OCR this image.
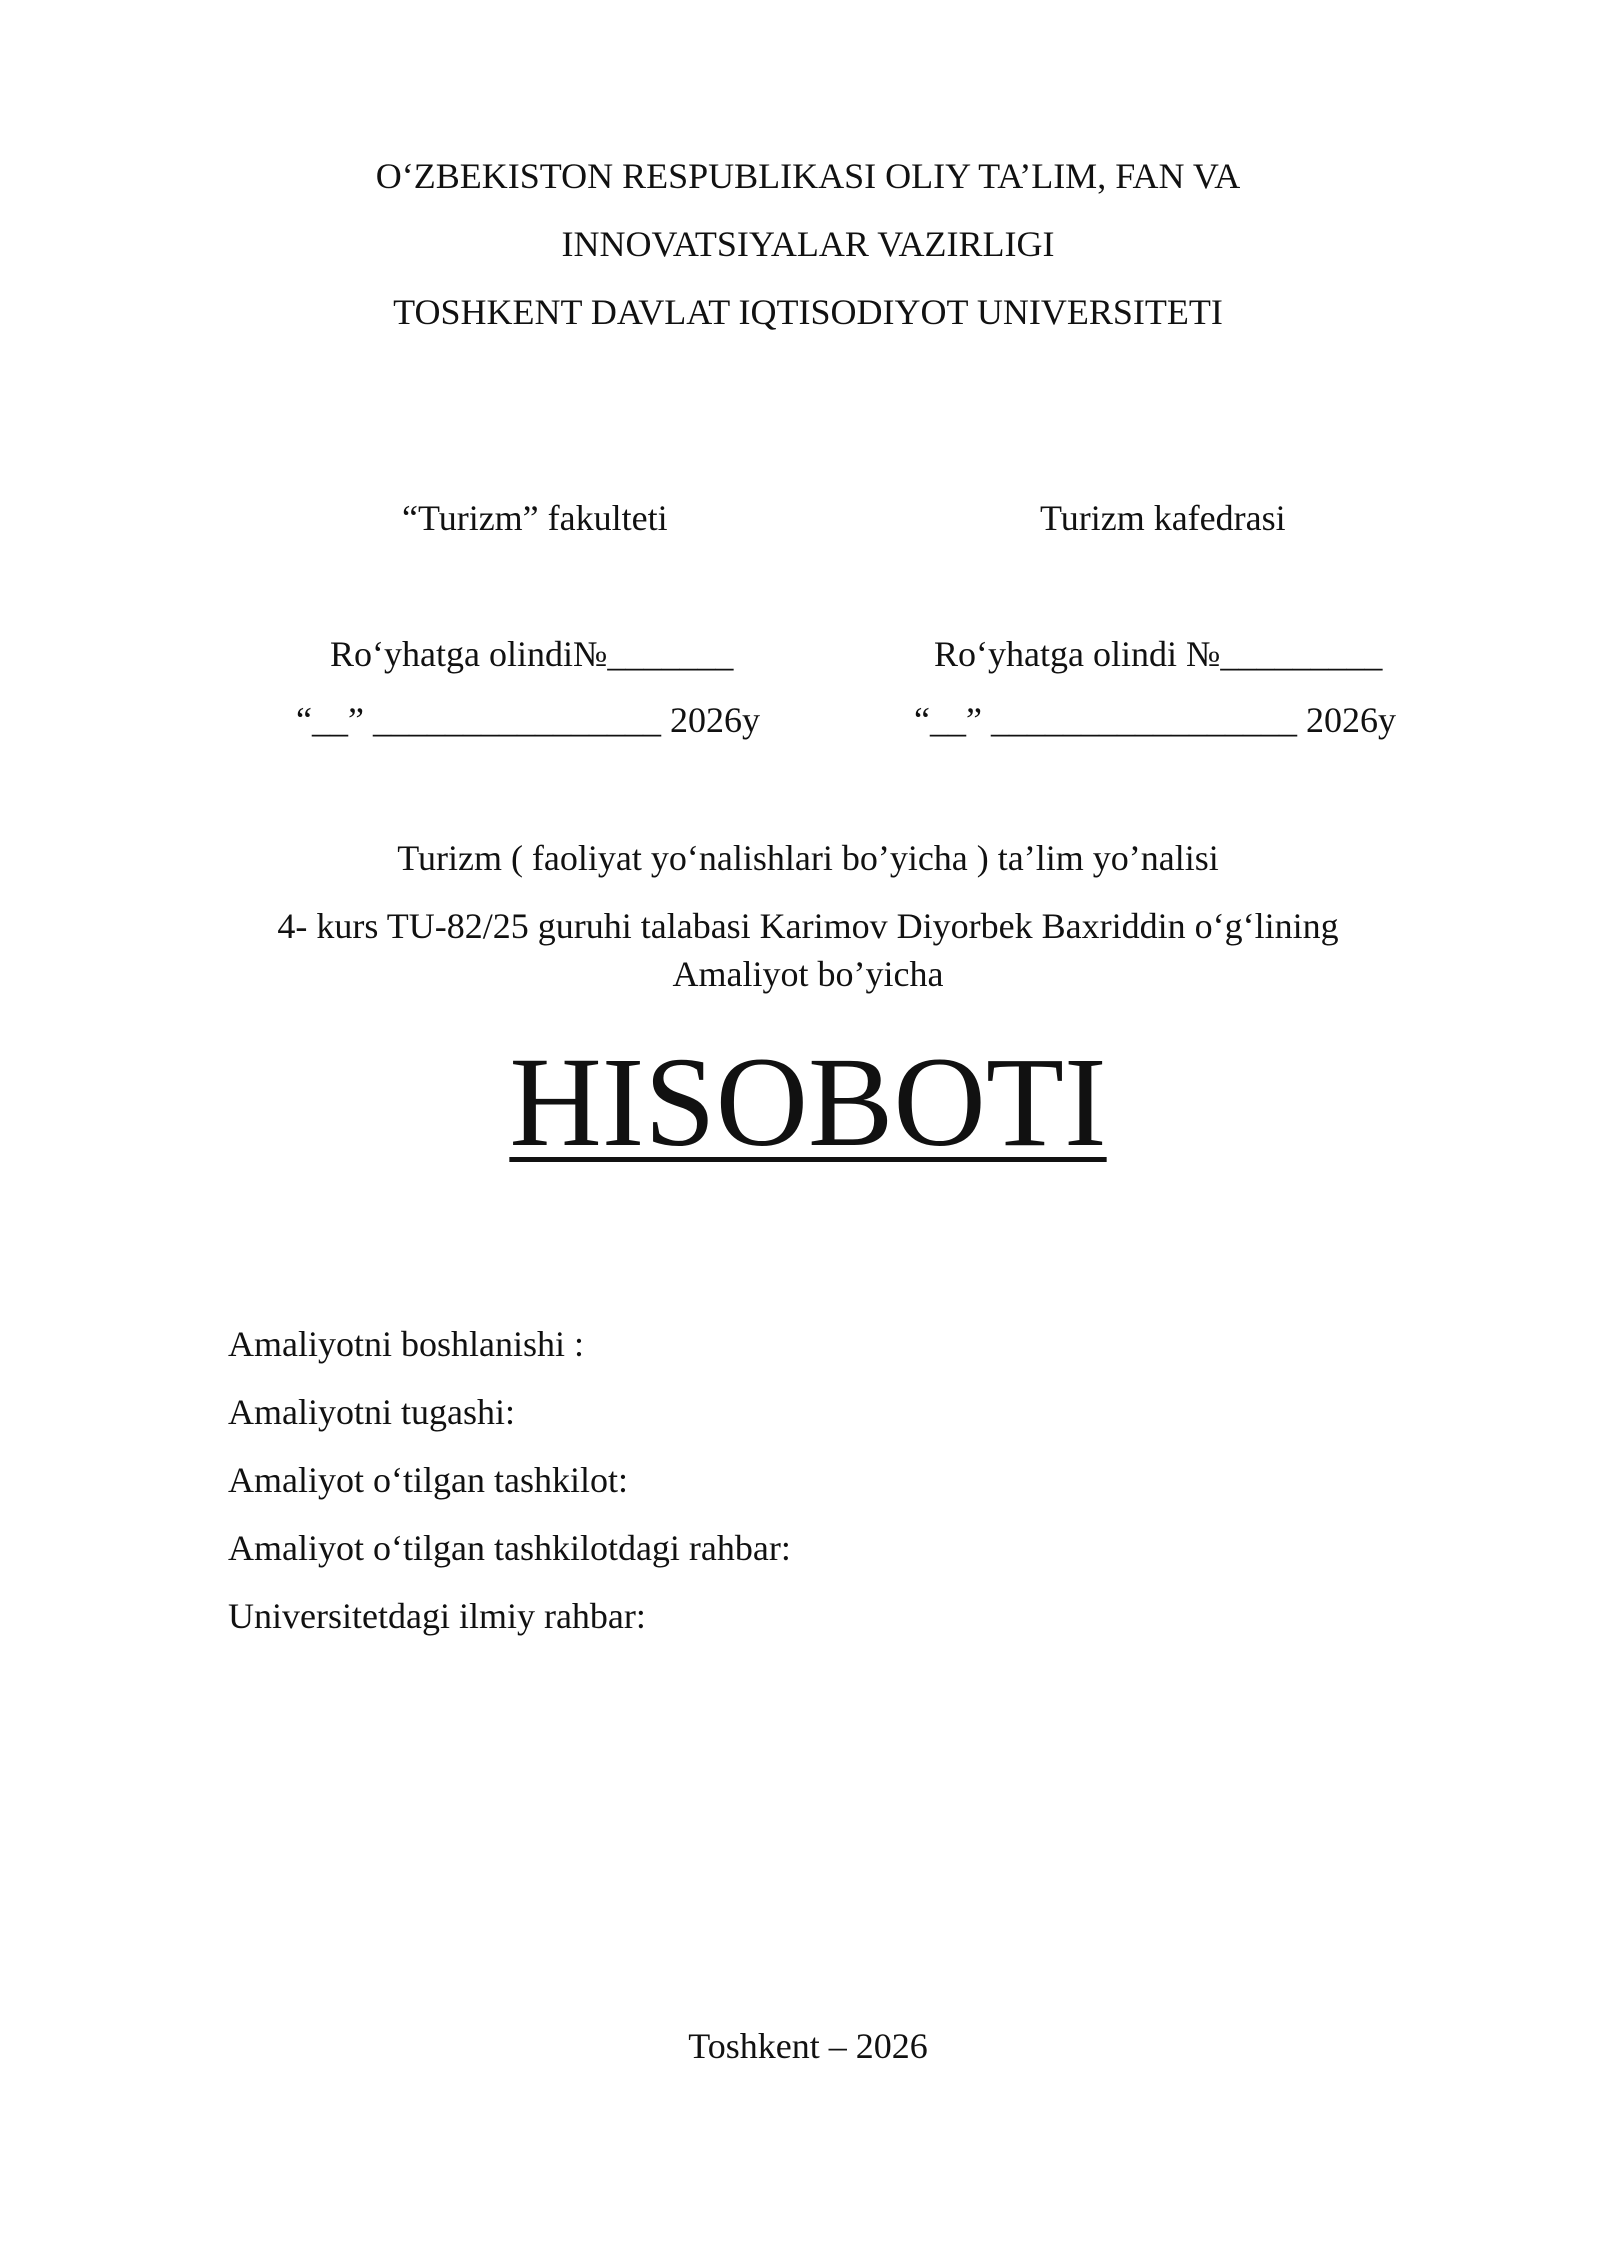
O‘ZBEKISTON RESPUBLIKASI OLIY TA’LIM, FAN VA
INNOVATSIYALAR VAZIRLIGI
TOSHKENT DAVLAT IQTISODIYOT UNIVERSITETI
“Turizm” fakulteti	Turizm kafedrasi
Ro‘yhatga olindi№_______
“__” ________________ 2026y
Ro‘yhatga olindi №_________
“__” _________________ 2026y
Turizm ( faoliyat yo‘nalishlari bo’yicha ) ta’lim yo’nalisi
4- kurs TU-82/25 guruhi talabasi Karimov Diyorbek Baxriddin o‘g‘lining
Amaliyot bo’yicha
HISOBOTI
Amaliyotni boshlanishi :
Amaliyotni tugashi:
Amaliyot o‘tilgan tashkilot:
Amaliyot o‘tilgan tashkilotdagi rahbar:
Universitetdagi ilmiy rahbar:
Toshkent – 2026
